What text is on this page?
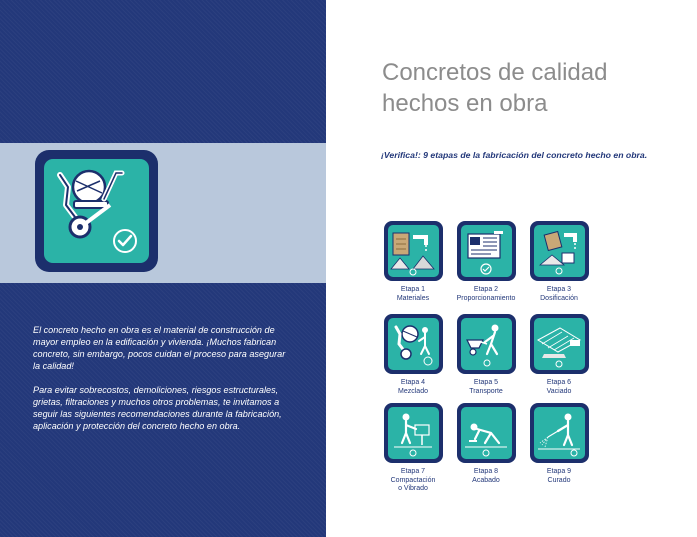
El concreto hecho en obra es el material de construcción de mayor empleo en la edificación y vivienda. ¡Muchos fabrican concreto, sin embargo, pocos cuidan el proceso para asegurar la calidad!

Para evitar sobrecostos, demoliciones, riesgos estructurales, grietas, filtraciones y muchos otros problemas, te invitamos a seguir las siguientes recomendaciones durante la fabricación, aplicación y protección del concreto hecho en obra.

Concretos de calidad
hechos en obra

¡Verifica!: 9 etapas de la fabricación del concreto hecho en obra.

Etapa 1
Materiales
Etapa 2
Proporcionamiento
Etapa 3
Dosificación
Etapa 4
Mezclado
Etapa 5
Transporte
Etapa 6
Vaciado
Etapa 7
Compactación
o Vibrado
Etapa 8
Acabado
Etapa 9
Curado
